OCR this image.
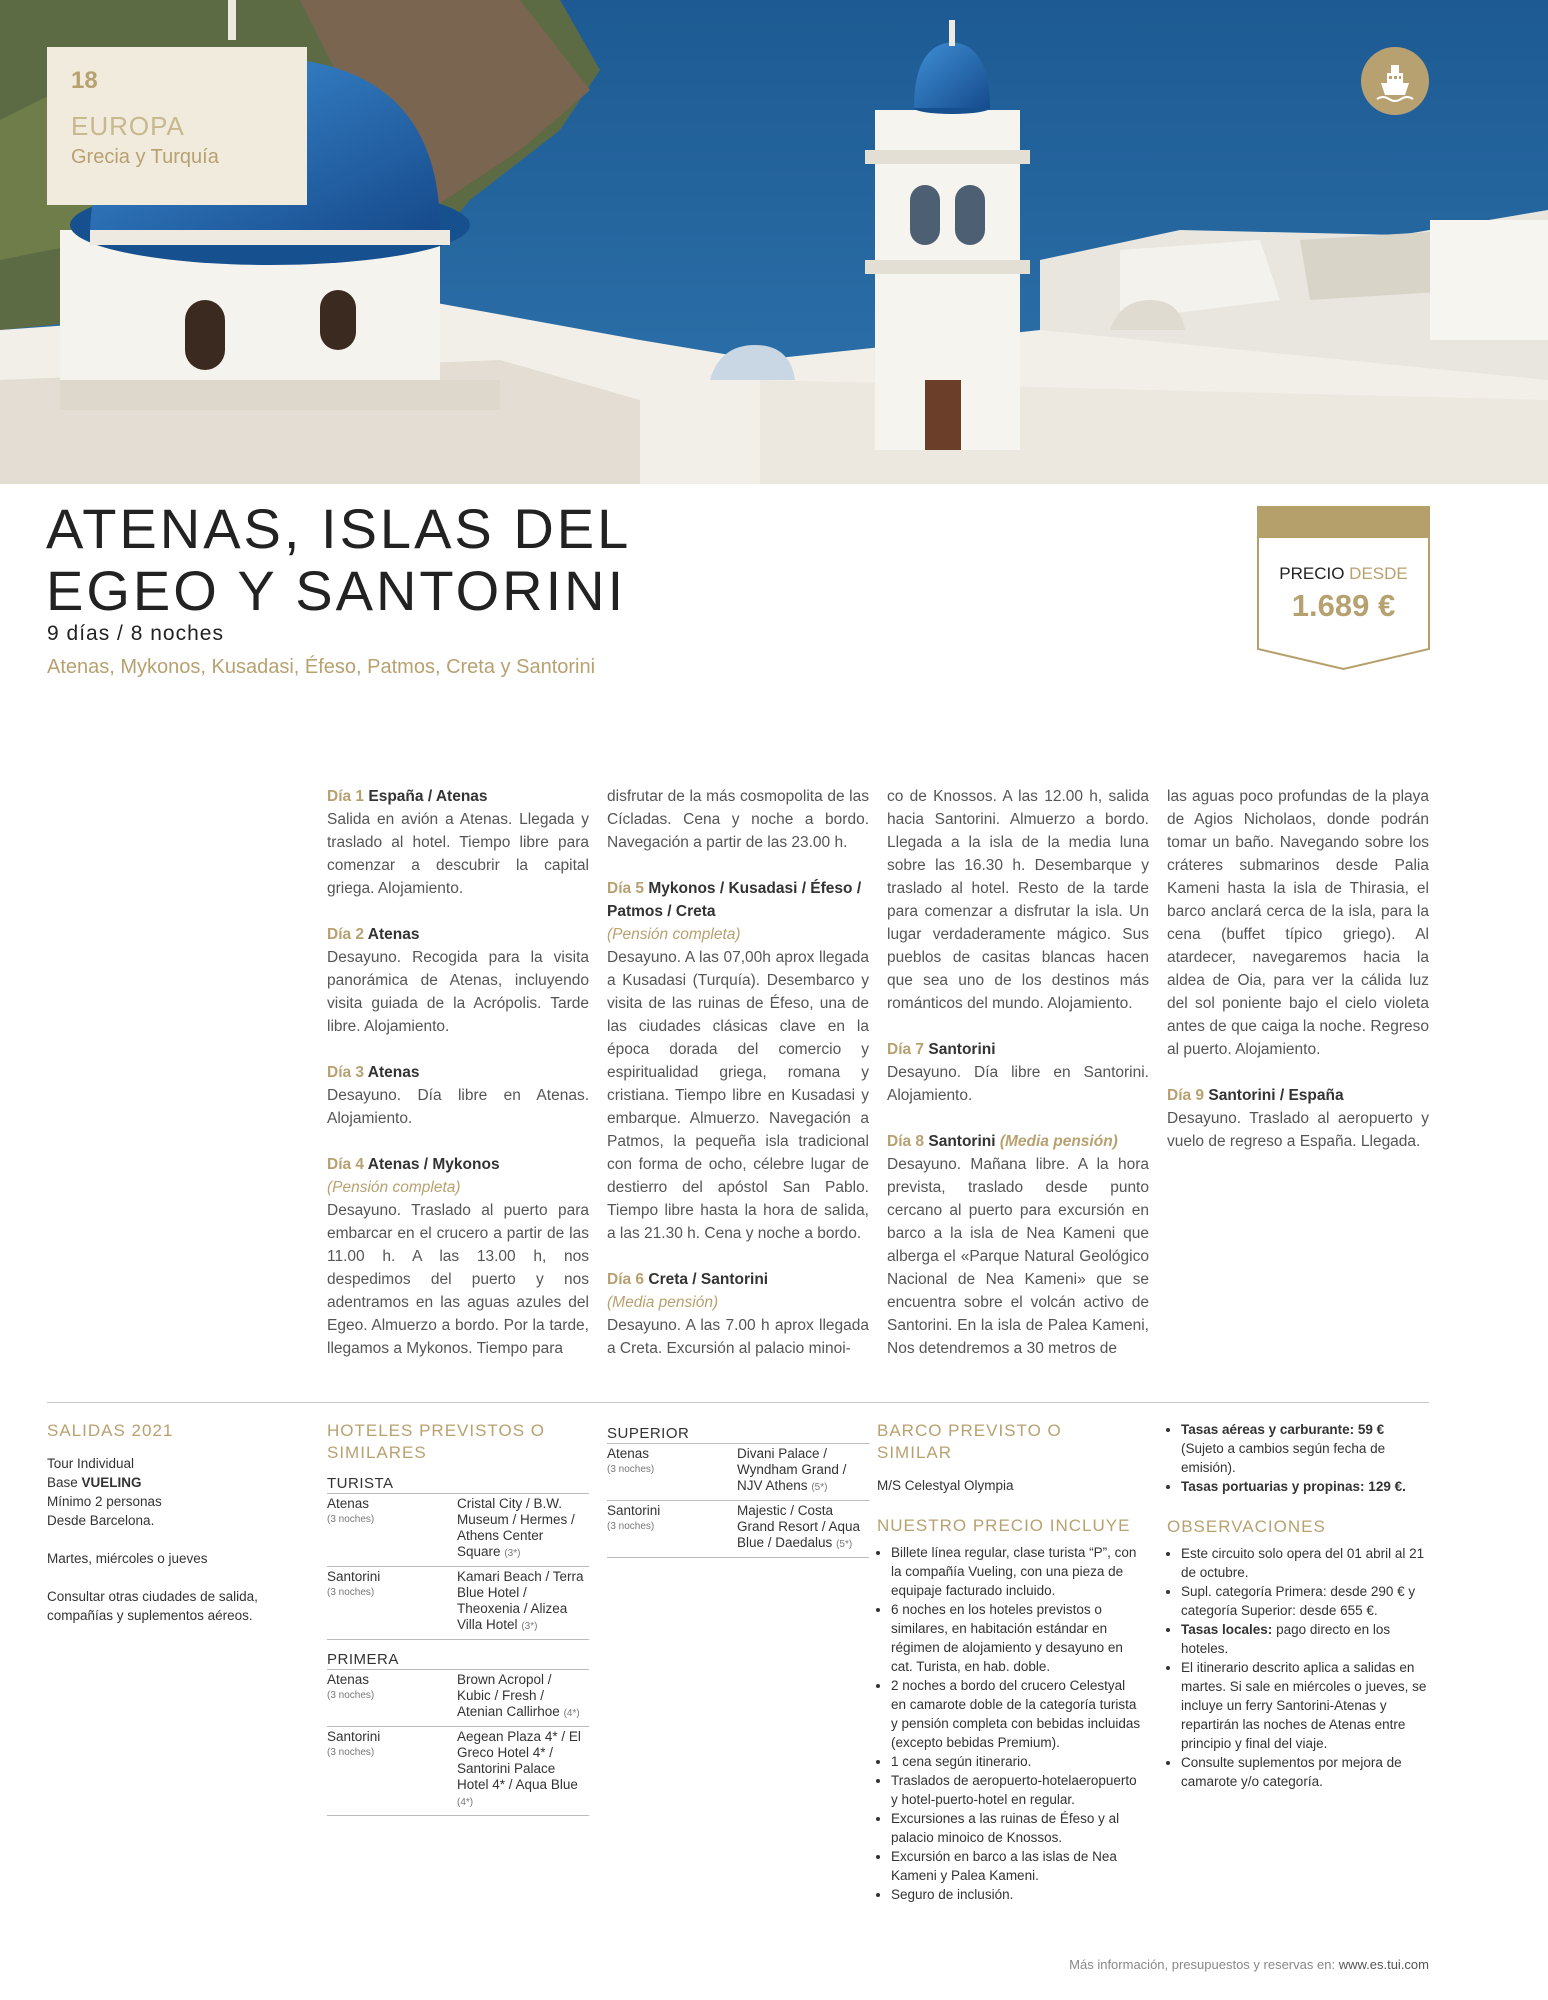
18
EUROPA
Grecia y Turquía
ATENAS, ISLAS DEL
EGEO Y SANTORINI
9 días / 8 noches
Atenas, Mykonos, Kusadasi, Éfeso, Patmos, Creta y Santorini
PRECIO DESDE
1.689 €

Día 1 España / Atenas
Salida en avión a Atenas. Llegada y traslado al hotel. Tiempo libre para comenzar a descubrir la capital griega. Alojamiento.

Día 2 Atenas
Desayuno. Recogida para la visita panorámica de Atenas, incluyendo visita guiada de la Acrópolis. Tarde libre. Alojamiento.

Día 3 Atenas
Desayuno. Día libre en Atenas. Alojamiento.

Día 4 Atenas / Mykonos
(Pensión completa)
Desayuno. Traslado al puerto para embarcar en el crucero a partir de las 11.00 h. A las 13.00 h, nos despedimos del puerto y nos adentramos en las aguas azules del Egeo. Almuerzo a bordo. Por la tarde, llegamos a Mykonos. Tiempo para

disfrutar de la más cosmopolita de las Cícladas. Cena y noche a bordo. Navegación a partir de las 23.00 h.

Día 5 Mykonos / Kusadasi / Éfeso / Patmos / Creta
(Pensión completa)
Desayuno. A las 07,00h aprox llegada a Kusadasi (Turquía). Desembarco y visita de las ruinas de Éfeso, una de las ciudades clásicas clave en la época dorada del comercio y espiritualidad griega, romana y cristiana. Tiempo libre en Kusadasi y embarque. Almuerzo. Navegación a Patmos, la pequeña isla tradicional con forma de ocho, célebre lugar de destierro del apóstol San Pablo. Tiempo libre hasta la hora de salida, a las 21.30 h. Cena y noche a bordo.

Día 6 Creta / Santorini
(Media pensión)
Desayuno. A las 7.00 h aprox llegada a Creta. Excursión al palacio minoi-

co de Knossos. A las 12.00 h, salida hacia Santorini. Almuerzo a bordo. Llegada a la isla de la media luna sobre las 16.30 h. Desembarque y traslado al hotel. Resto de la tarde para comenzar a disfrutar la isla. Un lugar verdaderamente mágico. Sus pueblos de casitas blancas hacen que sea uno de los destinos más románticos del mundo. Alojamiento.

Día 7 Santorini
Desayuno. Día libre en Santorini. Alojamiento.

Día 8 Santorini (Media pensión)
Desayuno. Mañana libre. A la hora prevista, traslado desde punto cercano al puerto para excursión en barco a la isla de Nea Kameni que alberga el «Parque Natural Geológico Nacional de Nea Kameni» que se encuentra sobre el volcán activo de Santorini. En la isla de Palea Kameni, Nos detendremos a 30 metros de

las aguas poco profundas de la playa de Agios Nicholaos, donde podrán tomar un baño. Navegando sobre los cráteres submarinos desde Palia Kameni hasta la isla de Thirasia, el barco anclará cerca de la isla, para la cena (buffet típico griego). Al atardecer, navegaremos hacia la aldea de Oia, para ver la cálida luz del sol poniente bajo el cielo violeta antes de que caiga la noche. Regreso al puerto. Alojamiento.

Día 9 Santorini / España
Desayuno. Traslado al aeropuerto y vuelo de regreso a España. Llegada.

SALIDAS 2021
Tour Individual
Base VUELING
Mínimo 2 personas
Desde Barcelona.
Martes, miércoles o jueves
Consultar otras ciudades de salida, compañías y suplementos aéreos.
HOTELES PREVISTOS O SIMILARES
TURISTA
Atenas
(3 noches)	Cristal City / B.W. Museum / Hermes / Athens Center Square (3*)
Santorini
(3 noches)	Kamari Beach / Terra Blue Hotel / Theoxenia / Alizea Villa Hotel (3*)
PRIMERA
Atenas
(3 noches)	Brown Acropol / Kubic / Fresh / Atenian Callirhoe (4*)
Santorini
(3 noches)	Aegean Plaza 4* / El Greco Hotel 4* / Santorini Palace Hotel 4* / Aqua Blue (4*)
SUPERIOR
Atenas
(3 noches)	Divani Palace / Wyndham Grand / NJV Athens (5*)
Santorini
(3 noches)	Majestic / Costa Grand Resort / Aqua Blue / Daedalus (5*)
BARCO PREVISTO O SIMILAR
M/S Celestyal Olympia
NUESTRO PRECIO INCLUYE
• Billete línea regular, clase turista “P”, con la compañía Vueling, con una pieza de equipaje facturado incluido.
• 6 noches en los hoteles previstos o similares, en habitación estándar en régimen de alojamiento y desayuno en cat. Turista, en hab. doble.
• 2 noches a bordo del crucero Celestyal en camarote doble de la categoría turista y pensión completa con bebidas incluidas (excepto bebidas Premium).
• 1 cena según itinerario.
• Traslados de aeropuerto-hotelaeropuerto y hotel-puerto-hotel en regular.
• Excursiones a las ruinas de Éfeso y al palacio minoico de Knossos.
• Excursión en barco a las islas de Nea Kameni y Palea Kameni.
• Seguro de inclusión.
• Tasas aéreas y carburante: 59 € (Sujeto a cambios según fecha de emisión).
• Tasas portuarias y propinas: 129 €.
OBSERVACIONES
• Este circuito solo opera del 01 abril al 21 de octubre.
• Supl. categoría Primera: desde 290 € y categoría Superior: desde 655 €.
• Tasas locales: pago directo en los hoteles.
• El itinerario descrito aplica a salidas en martes. Si sale en miércoles o jueves, se incluye un ferry Santorini-Atenas y repartirán las noches de Atenas entre principio y final del viaje.
• Consulte suplementos por mejora de camarote y/o categoría.
Más información, presupuestos y reservas en: www.es.tui.com
